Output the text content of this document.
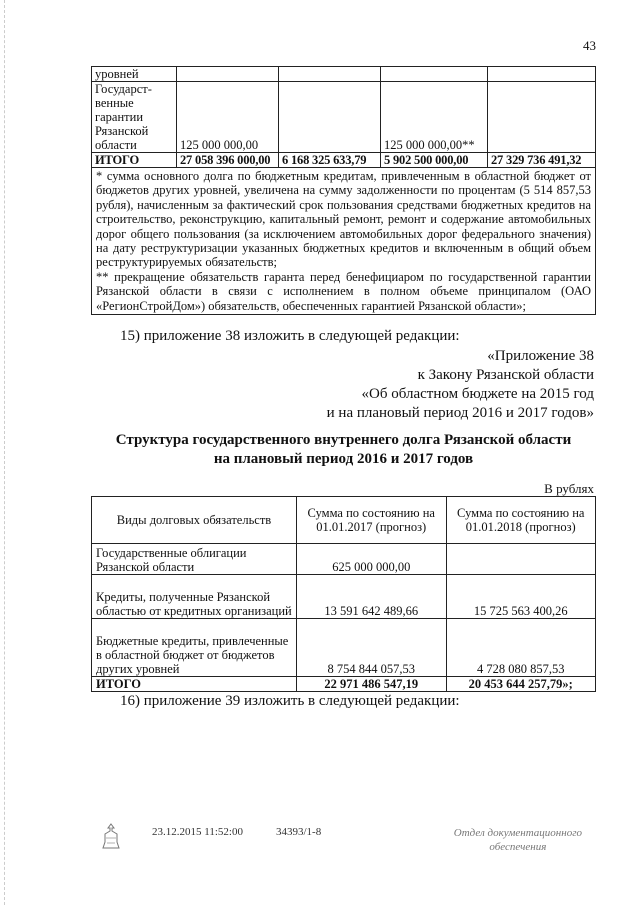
43
уровней				
Государст-венные гарантии Рязанской области	125 000 000,00		125 000 000,00**	
ИТОГО	27 058 396 000,00	6 168 325 633,79	5 902 500 000,00	27 329 736 491,32

* сумма основного долга по бюджетным кредитам, привлеченным в областной бюджет от бюджетов других уровней, увеличена на сумму задолженности по процентам (5 514 857,53 рубля), начисленным за фактический срок пользования средствами бюджетных кредитов на строительство, реконструкцию, капитальный ремонт, ремонт и содержание автомобильных дорог общего пользования (за исключением автомобильных дорог федерального значения) на дату реструктуризации указанных бюджетных кредитов и включенным в общий объем реструктурируемых обязательств;
** прекращение обязательств гаранта перед бенефициаром по государственной гарантии Рязанской области в связи с исполнением в полном объеме принципалом (ОАО «РегионСтройДом») обязательств, обеспеченных гарантией Рязанской области»;				
15) приложение 38 изложить в следующей редакции:
«Приложение 38
к Закону Рязанской области
«Об областном бюджете на 2015 год
и на плановый период 2016 и 2017 годов»
Структура государственного внутреннего долга Рязанской области
на плановый период 2016 и 2017 годов
В рублях
Виды долговых обязательств	Сумма по состоянию на 01.01.2017 (прогноз)	Сумма по состоянию на 01.01.2018 (прогноз)
Государственные облигации Рязанской области	625 000 000,00	
Кредиты, полученные Рязанской областью от кредитных организаций	13 591 642 489,66	15 725 563 400,26
Бюджетные кредиты, привлеченные в областной бюджет от бюджетов других уровней	8 754 844 057,53	4 728 080 857,53
ИТОГО	22 971 486 547,19	20 453 644 257,79»;
16) приложение 39 изложить в следующей редакции:
23.12.2015 11:52:00	34393/1-8	Отдел документационного
обеспечения
